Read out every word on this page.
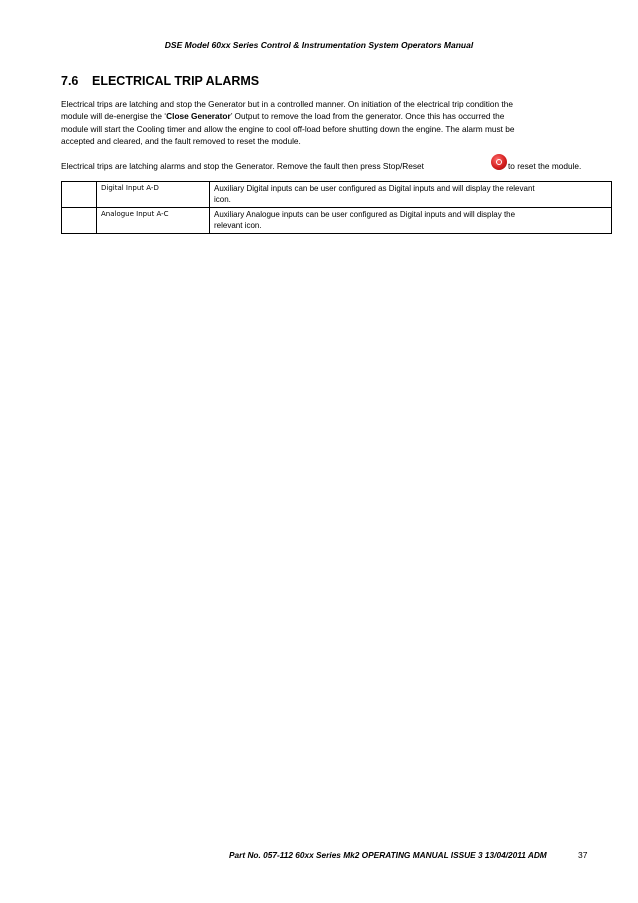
DSE Model 60xx Series Control & Instrumentation System Operators Manual
7.6 ELECTRICAL TRIP ALARMS
Electrical trips are latching and stop the Generator but in a controlled manner. On initiation of the electrical trip condition the
module will de-energise the ‘Close Generator’ Output to remove the load from the generator. Once this has occurred the
module will start the Cooling timer and allow the engine to cool off-load before shutting down the engine. The alarm must be
accepted and cleared, and the fault removed to reset the module.
Electrical trips are latching alarms and stop the Generator. Remove the fault then press Stop/Reset	to reset the module.
	Digital Input A-D	Auxiliary Digital inputs can be user configured as Digital inputs and will display the relevant
icon.
	Analogue Input A-C	Auxiliary Analogue inputs can be user configured as Digital inputs and will display the
relevant icon.
Part No. 057-112 60xx Series Mk2 OPERATING MANUAL ISSUE 3 13/04/2011 ADM	37
